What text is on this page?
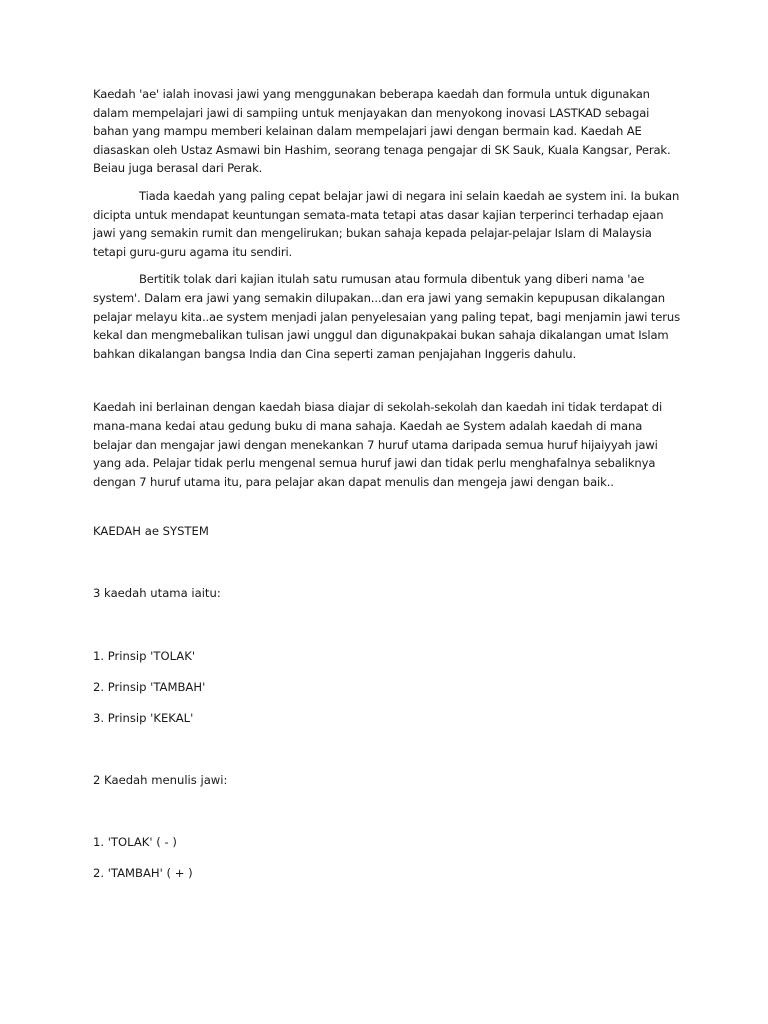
Kaedah 'ae' ialah inovasi jawi yang menggunakan beberapa kaedah dan formula untuk digunakan dalam mempelajari jawi di sampiing untuk menjayakan dan menyokong inovasi LASTKAD sebagai bahan yang mampu memberi kelainan dalam mempelajari jawi dengan bermain kad. Kaedah AE diasaskan oleh Ustaz Asmawi bin Hashim, seorang tenaga pengajar di SK Sauk, Kuala Kangsar, Perak. Beiau juga berasal dari Perak.

Tiada kaedah yang paling cepat belajar jawi di negara ini selain kaedah ae system ini. Ia bukan dicipta untuk mendapat keuntungan semata-mata tetapi atas dasar kajian terperinci terhadap ejaan jawi yang semakin rumit dan mengelirukan; bukan sahaja kepada pelajar-pelajar Islam di Malaysia tetapi guru-guru agama itu sendiri.

Bertitik tolak dari kajian itulah satu rumusan atau formula dibentuk yang diberi nama 'ae system'. Dalam era jawi yang semakin dilupakan...dan era jawi yang semakin kepupusan dikalangan pelajar melayu kita..ae system menjadi jalan penyelesaian yang paling tepat, bagi menjamin jawi terus kekal dan mengmebalikan tulisan jawi unggul dan digunakpakai bukan sahaja dikalangan umat Islam bahkan dikalangan bangsa India dan Cina seperti zaman penjajahan Inggeris dahulu.

Kaedah ini berlainan dengan kaedah biasa diajar di sekolah-sekolah dan kaedah ini tidak terdapat di mana-mana kedai atau gedung buku di mana sahaja. Kaedah ae System adalah kaedah di mana belajar dan mengajar jawi dengan menekankan 7 huruf utama daripada semua huruf hijaiyyah jawi yang ada. Pelajar tidak perlu mengenal semua huruf jawi dan tidak perlu menghafalnya sebaliknya dengan 7 huruf utama itu, para pelajar akan dapat menulis dan mengeja jawi dengan baik..

KAEDAH ae SYSTEM

3 kaedah utama iaitu:

1. Prinsip 'TOLAK'

2. Prinsip 'TAMBAH'

3. Prinsip 'KEKAL'

2 Kaedah menulis jawi:

1. 'TOLAK' ( - )

2. 'TAMBAH' ( + )
